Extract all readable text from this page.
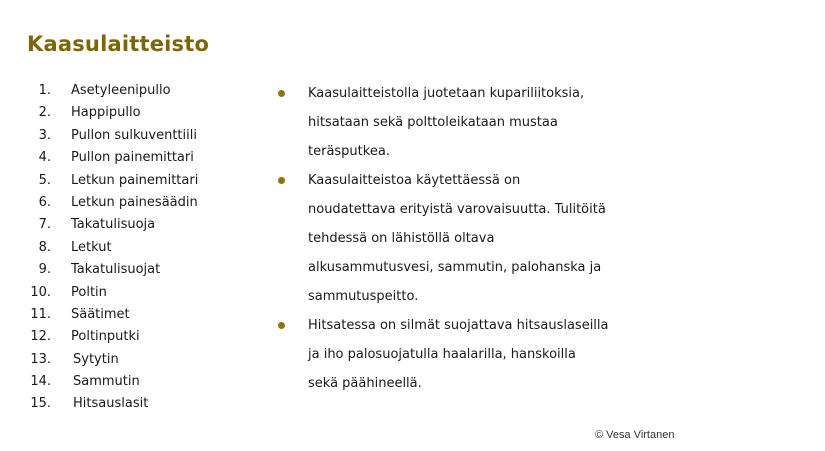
Kaasulaitteisto
1. Asetyleenipullo
2. Happipullo
3. Pullon sulkuventtiili
4. Pullon painemittari
5. Letkun painemittari
6. Letkun painesäädin
7. Takatulisuoja
8. Letkut
9. Takatulisuojat
10. Poltin
11. Säätimet
12. Poltinputki
13. Sytytin
14. Sammutin
15. Hitsauslasit
Kaasulaitteistolla juotetaan kupariliitoksia,
hitsataan sekä polttoleikataan mustaa
teräsputkea.
Kaasulaitteistoa käytettäessä on
noudatettava erityistä varovaisuutta. Tulitöitä
tehdessä on lähistöllä oltava
alkusammutusvesi, sammutin, palohanska ja
sammutuspeitto.
Hitsatessa on silmät suojattava hitsauslaseilla
ja iho palosuojatulla haalarilla, hanskoilla
sekä päähineellä.
© Vesa Virtanen
